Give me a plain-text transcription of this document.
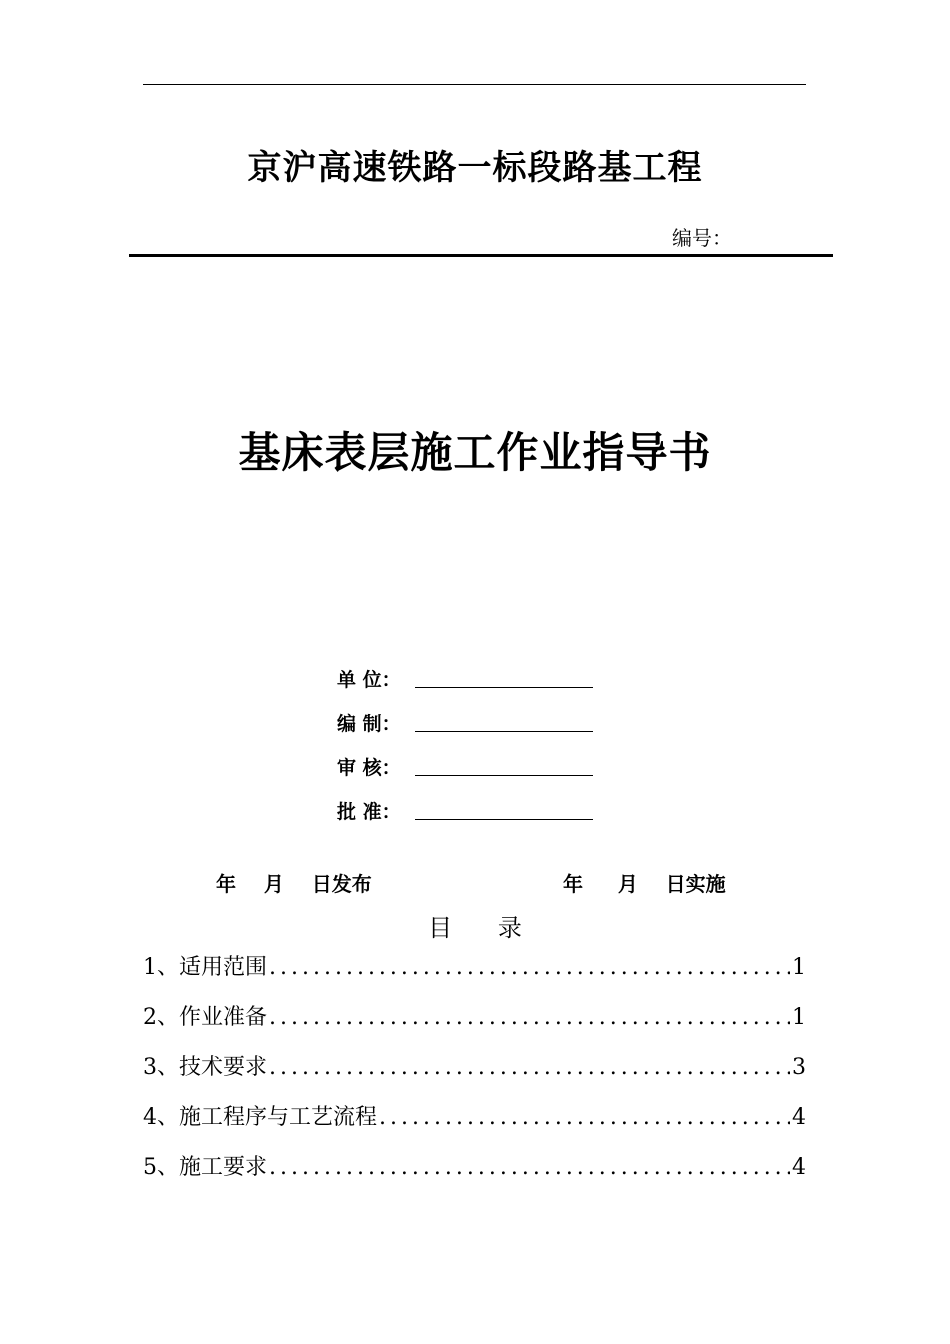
京沪高速铁路一标段路基工程
编号：
基床表层施工作业指导书
单 位：
编 制：
审 核：
批 准：
年    月    日发布	年     月    日实施
目      录
1、适用范围 .....	1
2、作业准备 .....	1
3、技术要求 .....	3
4、施工程序与工艺流程 .....	4
5、施工要求 .....	4
